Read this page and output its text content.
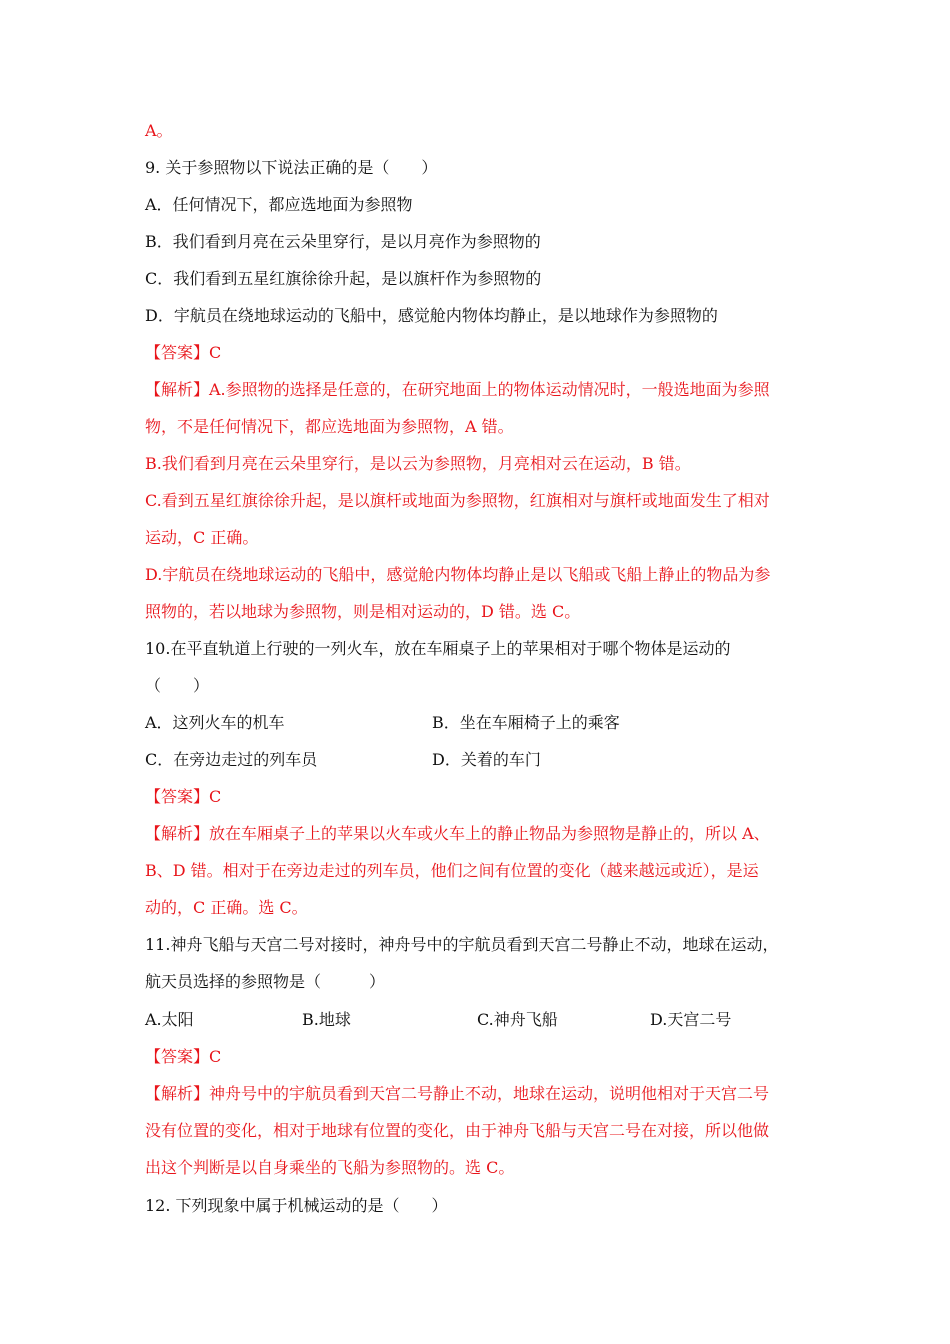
A。
9. 关于参照物以下说法正确的是（　　）
A．任何情况下，都应选地面为参照物
B．我们看到月亮在云朵里穿行，是以月亮作为参照物的
C．我们看到五星红旗徐徐升起，是以旗杆作为参照物的
D．宇航员在绕地球运动的飞船中，感觉舱内物体均静止，是以地球作为参照物的
【答案】C
【解析】A.参照物的选择是任意的，在研究地面上的物体运动情况时，一般选地面为参照
物，不是任何情况下，都应选地面为参照物，A 错。
B.我们看到月亮在云朵里穿行，是以云为参照物，月亮相对云在运动，B 错。
C.看到五星红旗徐徐升起，是以旗杆或地面为参照物，红旗相对与旗杆或地面发生了相对
运动，C 正确。
D.宇航员在绕地球运动的飞船中，感觉舱内物体均静止是以飞船或飞船上静止的物品为参
照物的，若以地球为参照物，则是相对运动的，D 错。选 C。
10.在平直轨道上行驶的一列火车，放在车厢桌子上的苹果相对于哪个物体是运动的
（　　）
A．这列火车的机车	B．坐在车厢椅子上的乘客
C．在旁边走过的列车员	D．关着的车门
【答案】C
【解析】放在车厢桌子上的苹果以火车或火车上的静止物品为参照物是静止的，所以 A、
B、D 错。相对于在旁边走过的列车员，他们之间有位置的变化（越来越远或近），是运
动的，C 正确。选 C。
11.神舟飞船与天宫二号对接时，神舟号中的宇航员看到天宫二号静止不动，地球在运动，
航天员选择的参照物是（　　　）
A.太阳	B.地球	C.神舟飞船	D.天宫二号
【答案】C
【解析】神舟号中的宇航员看到天宫二号静止不动，地球在运动，说明他相对于天宫二号
没有位置的变化，相对于地球有位置的变化，由于神舟飞船与天宫二号在对接，所以他做
出这个判断是以自身乘坐的飞船为参照物的。选 C。
12. 下列现象中属于机械运动的是（　　）
